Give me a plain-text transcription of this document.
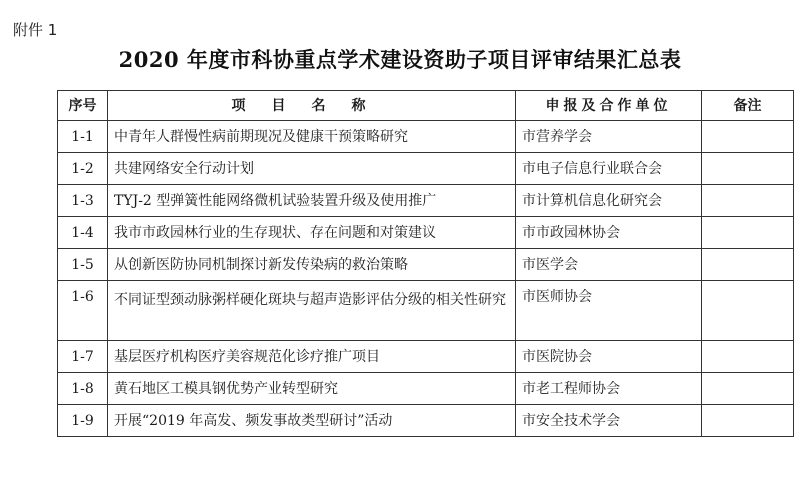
附件 1
2020 年度市科协重点学术建设资助子项目评审结果汇总表
序号	项目名称	申报及合作单位	备注
1-1	中青年人群慢性病前期现况及健康干预策略研究	市营养学会	
1-2	共建网络安全行动计划	市电子信息行业联合会	
1-3	TYJ-2 型弹簧性能网络微机试验装置升级及使用推广	市计算机信息化研究会	
1-4	我市市政园林行业的生存现状、存在问题和对策建议	市市政园林协会	
1-5	从创新医防协同机制探讨新发传染病的救治策略	市医学会	
1-6	不同证型颈动脉粥样硬化斑块与超声造影评估分级的相关性研究	市医师协会	
1-7	基层医疗机构医疗美容规范化诊疗推广项目	市医院协会	
1-8	黄石地区工模具钢优势产业转型研究	市老工程师协会	
1-9	开展“2019 年高发、频发事故类型研讨”活动	市安全技术学会	
